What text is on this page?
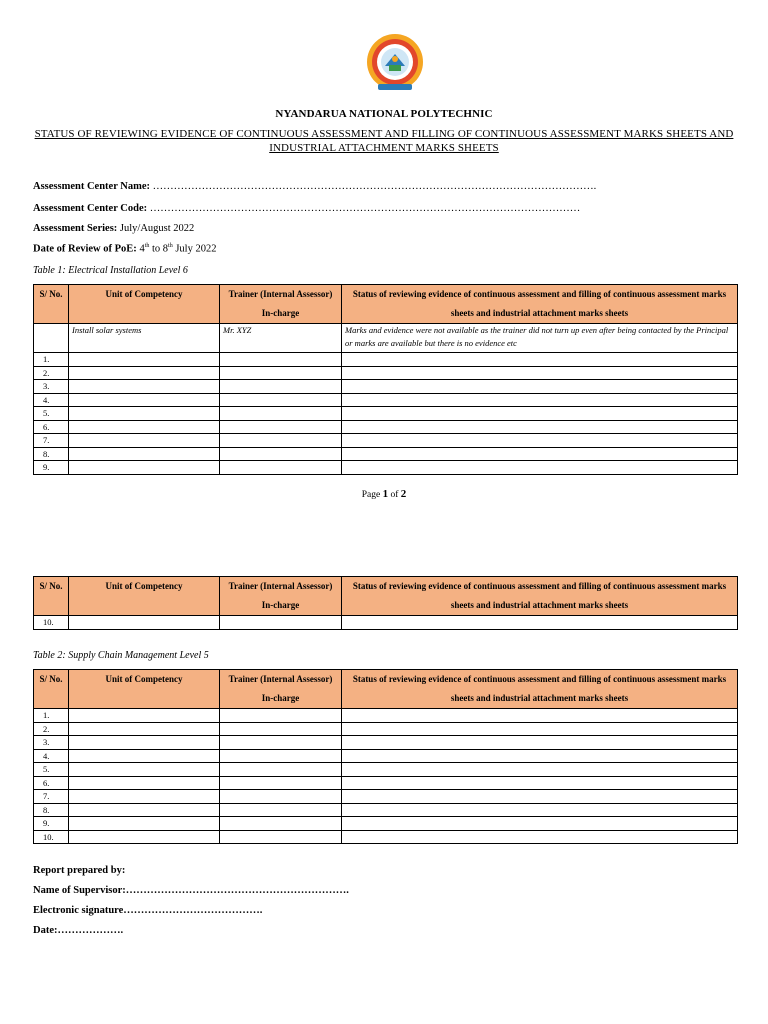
NYANDARUA NATIONAL POLYTECHNIC
STATUS OF REVIEWING EVIDENCE OF CONTINUOUS ASSESSMENT AND FILLING OF CONTINUOUS ASSESSMENT MARKS SHEETS AND INDUSTRIAL ATTACHMENT MARKS SHEETS
Assessment Center Name: ……………………………………………………………………………………………………………….
Assessment Center Code: ……………………………………………………………………………………………………………
Assessment Series: July/August 2022
Date of Review of PoE: 4th to 8th July 2022
Table 1: Electrical Installation Level 6
S/ No.	Unit of Competency	Trainer (Internal Assessor) In-charge	Status of reviewing evidence of continuous assessment and filling of continuous assessment marks sheets and industrial attachment marks sheets
	Install solar systems	Mr. XYZ	Marks and evidence were not available as the trainer did not turn up even after being contacted by the Principal or marks are available but there is no evidence etc
1.			
2.			
3.			
4.			
5.			
6.			
7.			
8.			
9.			
Page 1 of 2
S/ No.	Unit of Competency	Trainer (Internal Assessor) In-charge	Status of reviewing evidence of continuous assessment and filling of continuous assessment marks sheets and industrial attachment marks sheets
10.			
Table 2: Supply Chain Management Level 5
S/ No.	Unit of Competency	Trainer (Internal Assessor) In-charge	Status of reviewing evidence of continuous assessment and filling of continuous assessment marks sheets and industrial attachment marks sheets
1.			
2.			
3.			
4.			
5.			
6.			
7.			
8.			
9.			
10.			
Report prepared by:
Name of Supervisor:……………………………………………………….
Electronic signature………………………………….
Date:……………….
